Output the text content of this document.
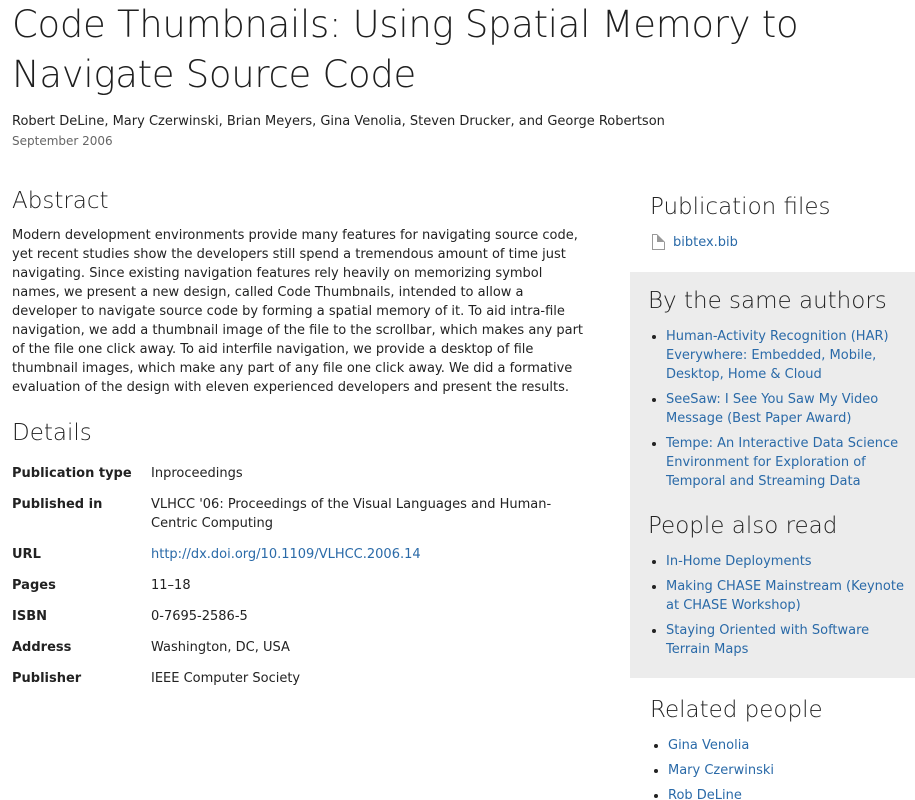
Code Thumbnails: Using Spatial Memory to Navigate Source Code
Robert DeLine, Mary Czerwinski, Brian Meyers, Gina Venolia, Steven Drucker, and George Robertson
September 2006
Abstract

Modern development environments provide many features for navigating source code, yet recent studies show the developers still spend a tremendous amount of time just navigating. Since existing navigation features rely heavily on memorizing symbol names, we present a new design, called Code Thumbnails, intended to allow a developer to navigate source code by forming a spatial memory of it. To aid intra-file navigation, we add a thumbnail image of the file to the scrollbar, which makes any part of the file one click away. To aid interfile navigation, we provide a desktop of file thumbnail images, which make any part of any file one click away. We did a formative evaluation of the design with eleven experienced developers and present the results.

Details
Publication type	Inproceedings
Published in	VLHCC '06: Proceedings of the Visual Languages and Human-Centric Computing
URL	http://dx.doi.org/10.1109/VLHCC.2006.14
Pages	11–18
ISBN	0-7695-2586-5
Address	Washington, DC, USA
Publisher	IEEE Computer Society
Publication files
bibtex.bib
By the same authors
• Human-Activity Recognition (HAR) Everywhere: Embedded, Mobile, Desktop, Home & Cloud
• SeeSaw: I See You Saw My Video Message (Best Paper Award)
• Tempe: An Interactive Data Science Environment for Exploration of Temporal and Streaming Data
People also read
• In-Home Deployments
• Making CHASE Mainstream (Keynote at CHASE Workshop)
• Staying Oriented with Software Terrain Maps
Related people
• Gina Venolia
• Mary Czerwinski
• Rob DeLine
